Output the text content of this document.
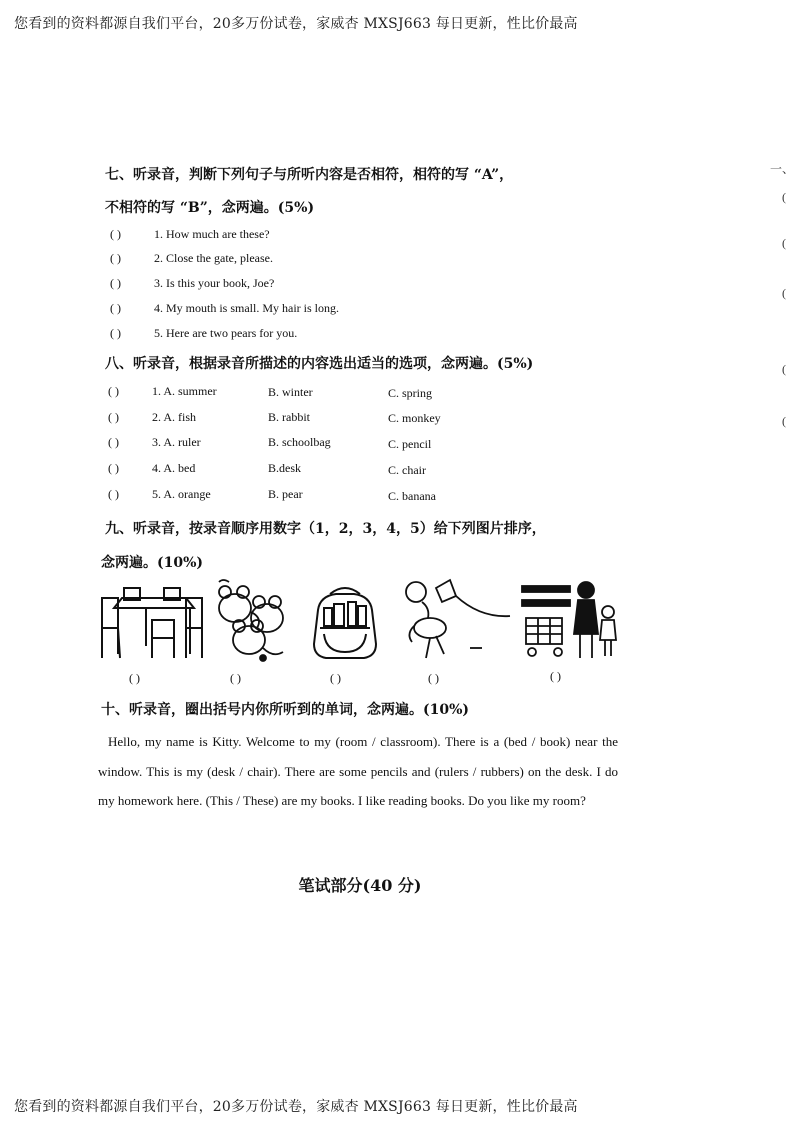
您看到的资料都源自我们平台，20多万份试卷，家威杏 MXSJ663 每日更新，性比价最高
您看到的资料都源自我们平台，20多万份试卷，家威杏 MXSJ663 每日更新，性比价最高
一、
(
(
(
(
(
七、听录音，判断下列句子与所听内容是否相符，相符的写 “A”，
不相符的写 “B”，念两遍。(5%)
( )	1. How much are these?
( )	2. Close the gate, please.
( )	3. Is this your book, Joe?
( )	4. My mouth is small. My hair is long.
( )	5. Here are two pears for you.
八、听录音，根据录音所描述的内容选出适当的选项，念两遍。(5%)
( )	1. A. summer	B. winter	C. spring
( )	2. A. fish	B. rabbit	C. monkey
( )	3. A. ruler	B. schoolbag	C. pencil
( )	4. A. bed	B.desk	C. chair
( )	5. A. orange	B. pear	C. banana
九、听录音，按录音顺序用数字（1，2，3，4，5）给下列图片排序，
念两遍。(10%)
( )	( )	( )	( )	( )
十、听录音，圈出括号内你所听到的单词，念两遍。(10%)

Hello, my name is Kitty. Welcome to my (room / classroom). There is a (bed / book) near the window. This is my (desk / chair). There are some pencils and (rulers / rubbers) on the desk. I do my homework here. (This / These) are my books. I like reading books. Do you like my room?

笔试部分(40 分)
